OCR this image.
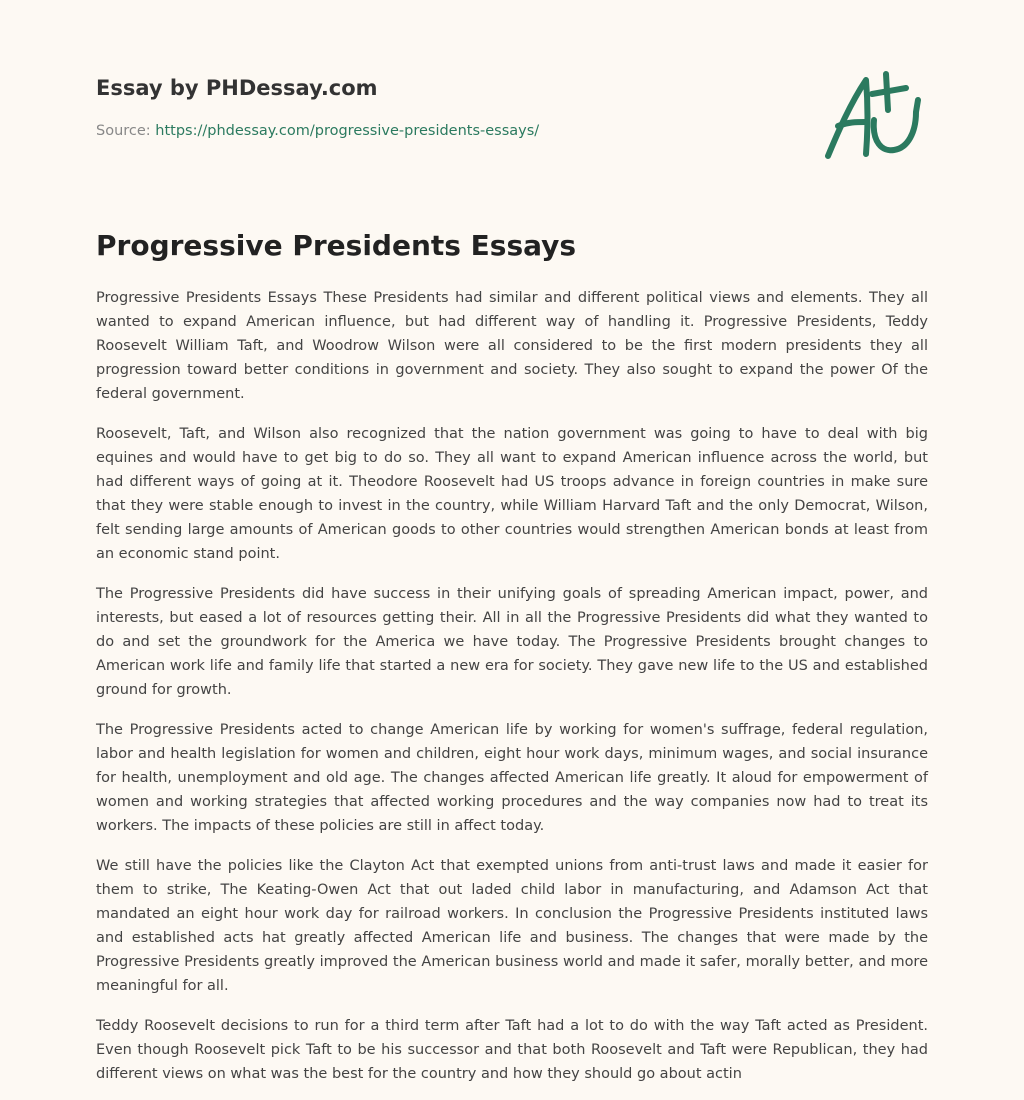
Essay by PHDessay.com

Source: https://phdessay.com/progressive-presidents-essays/

Progressive Presidents Essays

Progressive Presidents Essays These Presidents had similar and different political views and elements. They all wanted to expand American influence, but had different way of handling it. Progressive Presidents, Teddy Roosevelt William Taft, and Woodrow Wilson were all considered to be the first modern presidents they all progression toward better conditions in government and society. They also sought to expand the power Of the federal government.

Roosevelt, Taft, and Wilson also recognized that the nation government was going to have to deal with big equines and would have to get big to do so. They all want to expand American influence across the world, but had different ways of going at it. Theodore Roosevelt had US troops advance in foreign countries in make sure that they were stable enough to invest in the country, while William Harvard Taft and the only Democrat, Wilson, felt sending large amounts of American goods to other countries would strengthen American bonds at least from an economic stand point.

The Progressive Presidents did have success in their unifying goals of spreading American impact, power, and interests, but eased a lot of resources getting their. All in all the Progressive Presidents did what they wanted to do and set the groundwork for the America we have today. The Progressive Presidents brought changes to American work life and family life that started a new era for society. They gave new life to the US and established ground for growth.

The Progressive Presidents acted to change American life by working for women's suffrage, federal regulation, labor and health legislation for women and children, eight hour work days, minimum wages, and social insurance for health, unemployment and old age. The changes affected American life greatly. It aloud for empowerment of women and working strategies that affected working procedures and the way companies now had to treat its workers. The impacts of these policies are still in affect today.

We still have the policies like the Clayton Act that exempted unions from anti-trust laws and made it easier for them to strike, The Keating-Owen Act that out laded child labor in manufacturing, and Adamson Act that mandated an eight hour work day for railroad workers. In conclusion the Progressive Presidents instituted laws and established acts hat greatly affected American life and business. The changes that were made by the Progressive Presidents greatly improved the American business world and made it safer, morally better, and more meaningful for all.

Teddy Roosevelt decisions to run for a third term after Taft had a lot to do with the way Taft acted as President. Even though Roosevelt pick Taft to be his successor and that both Roosevelt and Taft were Republican, they had different views on what was the best for the country and how they should go about actin
